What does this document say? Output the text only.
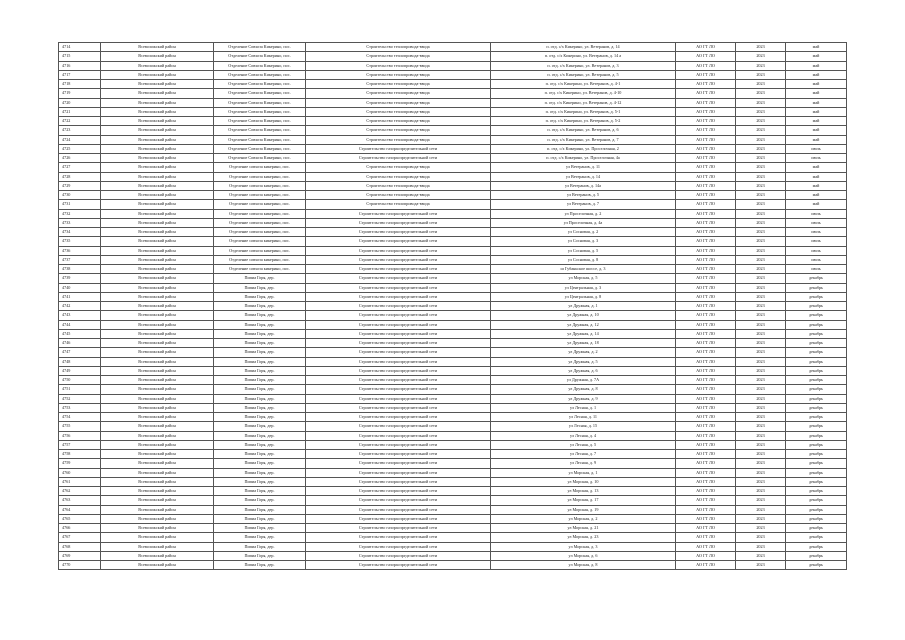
4714	Всеволожский район	Отделение Совхоза Кикерино, пос.	Строительство теплопровода-ввода	п. отд. с/х Кикерино, ул. Ветеранов, д. 14	АО ГТ ЛО	2023	май
4715	Всеволожский район	Отделение Совхоза Кикерино, пос.	Строительство теплопровода-ввода	п. отд. с/х Кикерино, ул. Ветеранов, д. 14 а	АО ГТ ЛО	2023	май
4716	Всеволожский район	Отделение Совхоза Кикерино, пос.	Строительство теплопровода-ввода	п. отд. с/х Кикерино, ул. Ветеранов, д. 3	АО ГТ ЛО	2023	май
4717	Всеволожский район	Отделение Совхоза Кикерино, пос.	Строительство теплопровода-ввода	п. отд. с/х Кикерино, ул. Ветеранов, д. 5	АО ГТ ЛО	2023	май
4718	Всеволожский район	Отделение Совхоза Кикерино, пос.	Строительство теплопровода-ввода	п. отд. с/х Кикерино, ул. Ветеранов, д. 4-1	АО ГТ ЛО	2023	май
4719	Всеволожский район	Отделение Совхоза Кикерино, пос.	Строительство теплопровода-ввода	п. отд. с/х Кикерино, ул. Ветеранов, д. 4-10	АО ГТ ЛО	2023	май
4720	Всеволожский район	Отделение Совхоза Кикерино, пос.	Строительство теплопровода-ввода	п. отд. с/х Кикерино, ул. Ветеранов, д. 4-12	АО ГТ ЛО	2023	май
4721	Всеволожский район	Отделение Совхоза Кикерино, пос.	Строительство теплопровода-ввода	п. отд. с/х Кикерино, ул. Ветеранов, д. 5-1	АО ГТ ЛО	2023	май
4722	Всеволожский район	Отделение Совхоза Кикерино, пос.	Строительство теплопровода-ввода	п. отд. с/х Кикерино, ул. Ветеранов, д. 5-2	АО ГТ ЛО	2023	май
4723	Всеволожский район	Отделение Совхоза Кикерино, пос.	Строительство теплопровода-ввода	п. отд. с/х Кикерино, ул. Ветеранов, д. 6	АО ГТ ЛО	2023	май
4724	Всеволожский район	Отделение Совхоза Кикерино, пос.	Строительство теплопровода-ввода	п. отд. с/х Кикерино, ул. Ветеранов, д. 7	АО ГТ ЛО	2023	май
4725	Всеволожский район	Отделение Совхоза Кикерино, пос.	Строительство газораспределительной сети	п. отд. с/х Кикерино, ул. Проселочная, 2	АО ГТ ЛО	2023	июль
4726	Всеволожский район	Отделение Совхоза Кикерино, пос.	Строительство газораспределительной сети	п. отд. с/х Кикерино, ул. Проселочная, 4а	АО ГТ ЛО	2023	июль
4727	Всеволожский район	Отделение совхоза кикерино, пос.	Строительство теплопровода-ввода	ул Ветеранов, д. 11	АО ГТ ЛО	2023	май
4728	Всеволожский район	Отделение совхоза кикерино, пос.	Строительство теплопровода-ввода	ул Ветеранов, д. 14	АО ГТ ЛО	2023	май
4729	Всеволожский район	Отделение совхоза кикерино, пос.	Строительство теплопровода-ввода	ул Ветеранов, д. 14а	АО ГТ ЛО	2023	май
4730	Всеволожский район	Отделение совхоза кикерино, пос.	Строительство теплопровода-ввода	ул Ветеранов, д. 5	АО ГТ ЛО	2023	май
4731	Всеволожский район	Отделение совхоза кикерино, пос.	Строительство теплопровода-ввода	ул Ветеранов, д. 7	АО ГТ ЛО	2023	май
4732	Всеволожский район	Отделение совхоза кикерино, пос.	Строительство газораспределительной сети	ул Проселочная, д. 2	АО ГТ ЛО	2023	июль
4733	Всеволожский район	Отделение совхоза кикерино, пос.	Строительство газораспределительной сети	ул Проселочная, д. 4а	АО ГТ ЛО	2023	июль
4734	Всеволожский район	Отделение совхоза кикерино, пос.	Строительство газораспределительной сети	ул Сосновая, д. 2	АО ГТ ЛО	2023	июль
4735	Всеволожский район	Отделение совхоза кикерино, пос.	Строительство газораспределительной сети	ул Сосновая, д. 3	АО ГТ ЛО	2023	июль
4736	Всеволожский район	Отделение совхоза кикерино, пос.	Строительство газораспределительной сети	ул Сосновая, д. 5	АО ГТ ЛО	2023	июль
4737	Всеволожский район	Отделение совхоза кикерино, пос.	Строительство газораспределительной сети	ул Сосновая, д. 8	АО ГТ ЛО	2023	июль
4738	Всеволожский район	Отделение совхоза кикерино, пос.	Строительство газораспределительной сети	ш Губаньское шоссе, д. 3	АО ГТ ЛО	2023	июль
4739	Всеволожский район	Пипиа Горя, дер.	Строительство газораспределительной сети	ул Морская, д. 5	АО ГТ ЛО	2023	декабрь
4740	Всеволожский район	Пипиа Горя, дер.	Строительство газораспределительной сети	ул Центральная, д. 3	АО ГТ ЛО	2023	декабрь
4741	Всеволожский район	Пипиа Горя, дер.	Строительство газораспределительной сети	ул Центральная, д. 8	АО ГТ ЛО	2023	декабрь
4742	Всеволожский район	Пипиа Горя, дер.	Строительство газораспределительной сети	ул Дружная, д. 1	АО ГТ ЛО	2023	декабрь
4743	Всеволожский район	Пипиа Горя, дер.	Строительство газораспределительной сети	ул Дружная, д. 10	АО ГТ ЛО	2023	декабрь
4744	Всеволожский район	Пипиа Горя, дер.	Строительство газораспределительной сети	ул Дружная, д. 12	АО ГТ ЛО	2023	декабрь
4745	Всеволожский район	Пипиа Горя, дер.	Строительство газораспределительной сети	ул Дружная, д. 14	АО ГТ ЛО	2023	декабрь
4746	Всеволожский район	Пипиа Горя, дер.	Строительство газораспределительной сети	ул Дружная, д. 18	АО ГТ ЛО	2023	декабрь
4747	Всеволожский район	Пипиа Горя, дер.	Строительство газораспределительной сети	ул Дружная, д. 2	АО ГТ ЛО	2023	декабрь
4748	Всеволожский район	Пипиа Горя, дер.	Строительство газораспределительной сети	ул Дружная, д. 5	АО ГТ ЛО	2023	декабрь
4749	Всеволожский район	Пипиа Горя, дер.	Строительство газораспределительной сети	ул Дружная, д. 6	АО ГТ ЛО	2023	декабрь
4750	Всеволожский район	Пипиа Горя, дер.	Строительство газораспределительной сети	ул Дружная, д. 7А	АО ГТ ЛО	2023	декабрь
4751	Всеволожский район	Пипиа Горя, дер.	Строительство газораспределительной сети	ул Дружная, д. 8	АО ГТ ЛО	2023	декабрь
4752	Всеволожский район	Пипиа Горя, дер.	Строительство газораспределительной сети	ул Дружная, д. 9	АО ГТ ЛО	2023	декабрь
4753	Всеволожский район	Пипиа Горя, дер.	Строительство газораспределительной сети	ул Лесная, д. 1	АО ГТ ЛО	2023	декабрь
4754	Всеволожский район	Пипиа Горя, дер.	Строительство газораспределительной сети	ул Лесная, д. 11	АО ГТ ЛО	2023	декабрь
4755	Всеволожский район	Пипиа Горя, дер.	Строительство газораспределительной сети	ул Лесная, д. 15	АО ГТ ЛО	2023	декабрь
4756	Всеволожский район	Пипиа Горя, дер.	Строительство газораспределительной сети	ул Лесная, д. 4	АО ГТ ЛО	2023	декабрь
4757	Всеволожский район	Пипиа Горя, дер.	Строительство газораспределительной сети	ул Лесная, д. 5	АО ГТ ЛО	2023	декабрь
4758	Всеволожский район	Пипиа Горя, дер.	Строительство газораспределительной сети	ул Лесная, д. 7	АО ГТ ЛО	2023	декабрь
4759	Всеволожский район	Пипиа Горя, дер.	Строительство газораспределительной сети	ул Лесная, д. 9	АО ГТ ЛО	2023	декабрь
4760	Всеволожский район	Пипиа Горя, дер.	Строительство газораспределительной сети	ул Морская, д. 1	АО ГТ ЛО	2023	декабрь
4761	Всеволожский район	Пипиа Горя, дер.	Строительство газораспределительной сети	ул Морская, д. 10	АО ГТ ЛО	2023	декабрь
4762	Всеволожский район	Пипиа Горя, дер.	Строительство газораспределительной сети	ул Морская, д. 13	АО ГТ ЛО	2023	декабрь
4763	Всеволожский район	Пипиа Горя, дер.	Строительство газораспределительной сети	ул Морская, д. 17	АО ГТ ЛО	2023	декабрь
4764	Всеволожский район	Пипиа Горя, дер.	Строительство газораспределительной сети	ул Морская, д. 19	АО ГТ ЛО	2023	декабрь
4765	Всеволожский район	Пипиа Горя, дер.	Строительство газораспределительной сети	ул Морская, д. 2	АО ГТ ЛО	2023	декабрь
4766	Всеволожский район	Пипиа Горя, дер.	Строительство газораспределительной сети	ул Морская, д. 21	АО ГТ ЛО	2023	декабрь
4767	Всеволожский район	Пипиа Горя, дер.	Строительство газораспределительной сети	ул Морская, д. 23	АО ГТ ЛО	2023	декабрь
4768	Всеволожский район	Пипиа Горя, дер.	Строительство газораспределительной сети	ул Морская, д. 3	АО ГТ ЛО	2023	декабрь
4769	Всеволожский район	Пипиа Горя, дер.	Строительство газораспределительной сети	ул Морская, д. 6	АО ГТ ЛО	2023	декабрь
4770	Всеволожский район	Пипиа Горя, дер.	Строительство газораспределительной сети	ул Морская, д. 8	АО ГТ ЛО	2023	декабрь
